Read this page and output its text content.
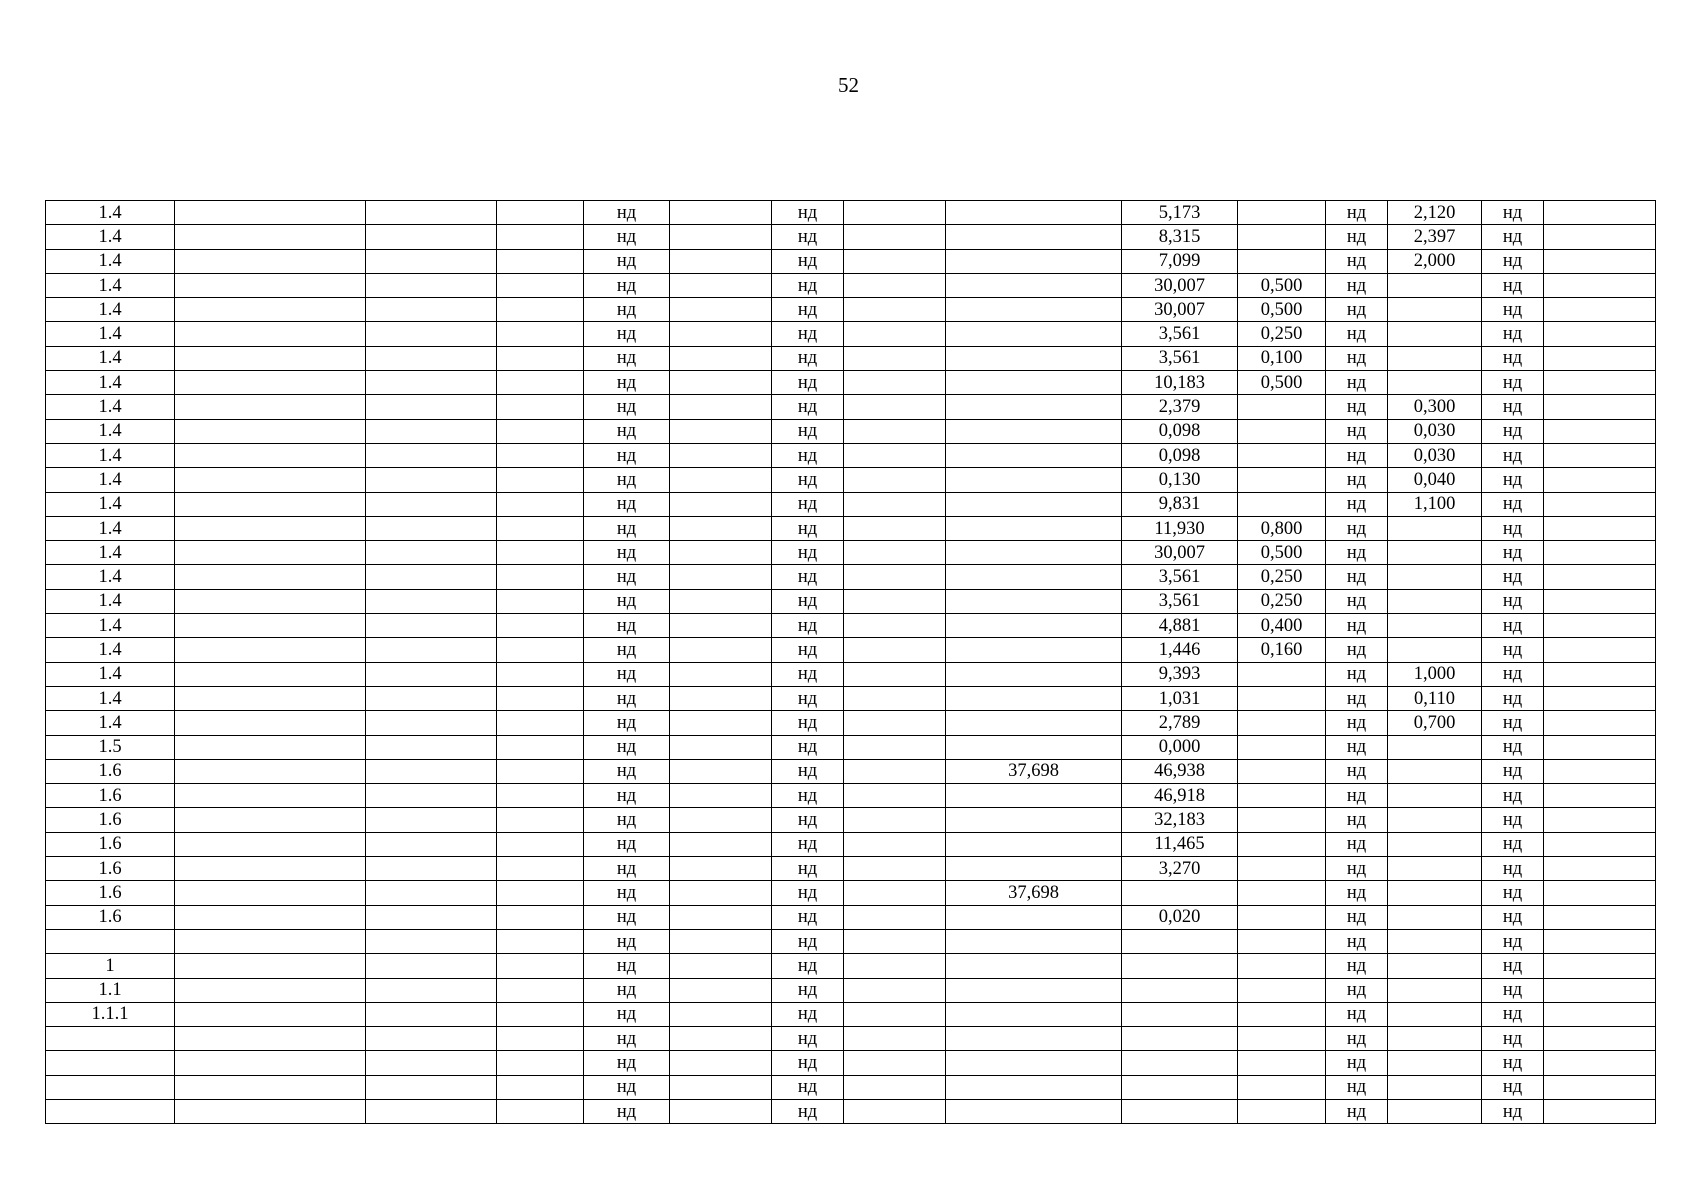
52
1.4				нд		нд			5,173		нд	2,120	нд	
1.4				нд		нд			8,315		нд	2,397	нд	
1.4				нд		нд			7,099		нд	2,000	нд	
1.4				нд		нд			30,007	0,500	нд		нд	
1.4				нд		нд			30,007	0,500	нд		нд	
1.4				нд		нд			3,561	0,250	нд		нд	
1.4				нд		нд			3,561	0,100	нд		нд	
1.4				нд		нд			10,183	0,500	нд		нд	
1.4				нд		нд			2,379		нд	0,300	нд	
1.4				нд		нд			0,098		нд	0,030	нд	
1.4				нд		нд			0,098		нд	0,030	нд	
1.4				нд		нд			0,130		нд	0,040	нд	
1.4				нд		нд			9,831		нд	1,100	нд	
1.4				нд		нд			11,930	0,800	нд		нд	
1.4				нд		нд			30,007	0,500	нд		нд	
1.4				нд		нд			3,561	0,250	нд		нд	
1.4				нд		нд			3,561	0,250	нд		нд	
1.4				нд		нд			4,881	0,400	нд		нд	
1.4				нд		нд			1,446	0,160	нд		нд	
1.4				нд		нд			9,393		нд	1,000	нд	
1.4				нд		нд			1,031		нд	0,110	нд	
1.4				нд		нд			2,789		нд	0,700	нд	
1.5				нд		нд			0,000		нд		нд	
1.6				нд		нд		37,698	46,938		нд		нд	
1.6				нд		нд			46,918		нд		нд	
1.6				нд		нд			32,183		нд		нд	
1.6				нд		нд			11,465		нд		нд	
1.6				нд		нд			3,270		нд		нд	
1.6				нд		нд		37,698			нд		нд	
1.6				нд		нд			0,020		нд		нд	
				нд		нд					нд		нд	
1				нд		нд					нд		нд	
1.1				нд		нд					нд		нд	
1.1.1				нд		нд					нд		нд	
				нд		нд					нд		нд	
				нд		нд					нд		нд	
				нд		нд					нд		нд	
				нд		нд					нд		нд	
